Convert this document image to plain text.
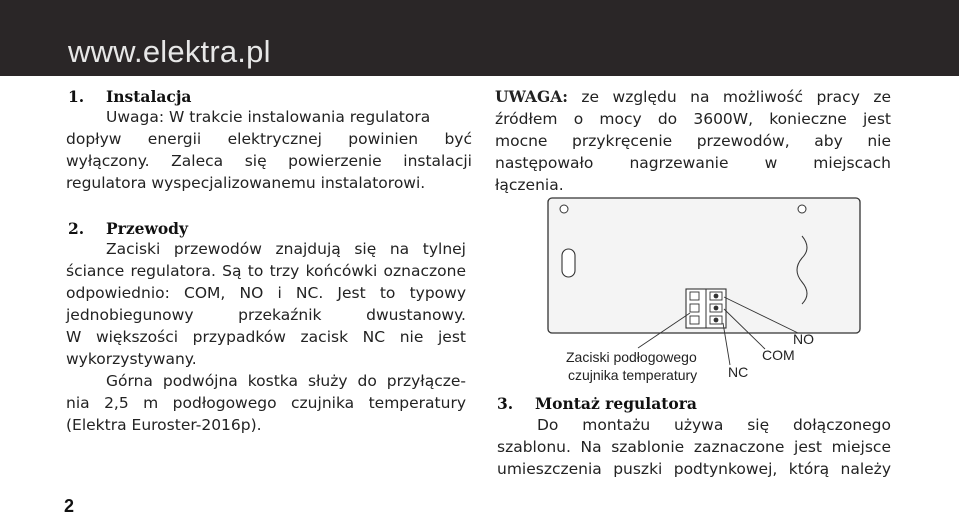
www.elektra.pl
1. Instalacja
Uwaga: W trakcie instalowania regulatora
dopływ energii elektrycznej powinien być
wyłączony. Zaleca się powierzenie instalacji
regulatora wyspecjalizowanemu instalatorowi.
2. Przewody
Zaciski przewodów znajdują się na tylnej
ściance regulatora. Są to trzy końcówki oznaczone
odpowiednio: COM, NO i NC. Jest to typowy
jednobiegunowy przekaźnik dwustanowy.
W większości przypadków zacisk NC nie jest
wykorzystywany.
Górna podwójna kostka służy do przyłącze-
nia 2,5 m podłogowego czujnika temperatury
(Elektra Euroster-2016p).
UWAGA: ze względu na możliwość pracy ze
źródłem o mocy do 3600W, konieczne jest
mocne przykręcenie przewodów, aby nie
następowało nagrzewanie w miejscach
łączenia.
Zaciski podłogowego
czujnika temperatury NC
COM
NO
3. Montaż regulatora
Do montażu używa się dołączonego
szablonu. Na szablonie zaznaczone jest miejsce
umieszczenia puszki podtynkowej, którą należy
2
